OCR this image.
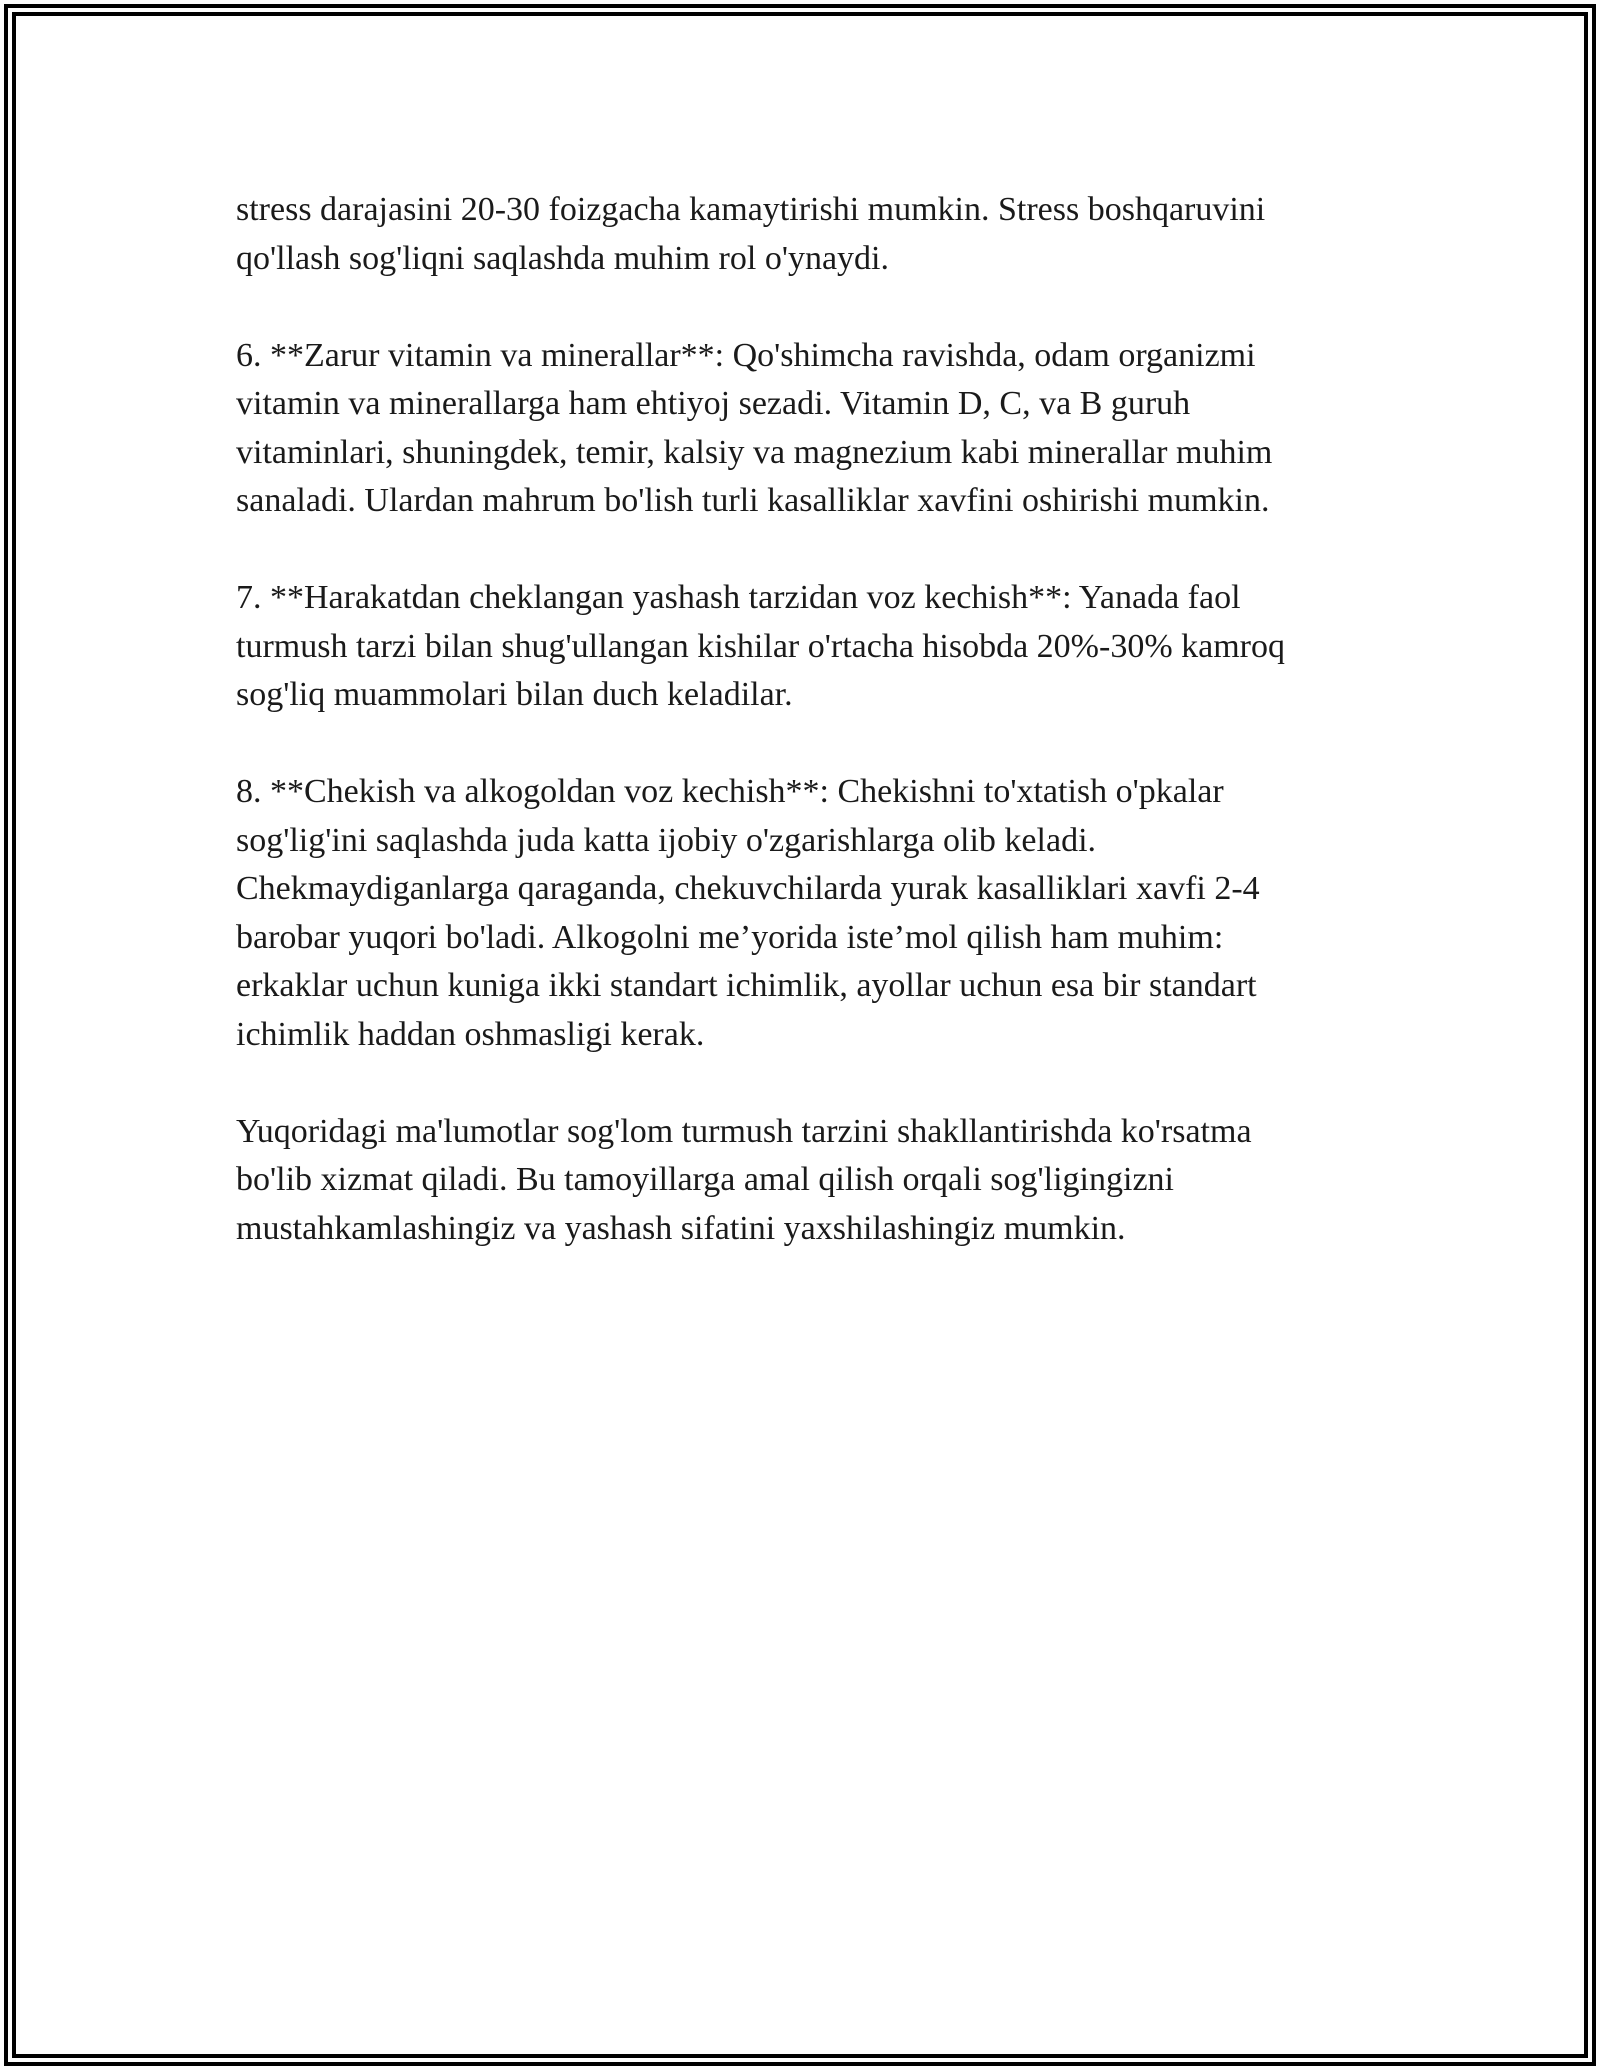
stress darajasini 20-30 foizgacha kamaytirishi mumkin. Stress boshqaruvini
qo'llash sog'liqni saqlashda muhim rol o'ynaydi.

6. **Zarur vitamin va minerallar**: Qo'shimcha ravishda, odam organizmi
vitamin va minerallarga ham ehtiyoj sezadi. Vitamin D, C, va B guruh
vitaminlari, shuningdek, temir, kalsiy va magnezium kabi minerallar muhim
sanaladi. Ulardan mahrum bo'lish turli kasalliklar xavfini oshirishi mumkin.

7. **Harakatdan cheklangan yashash tarzidan voz kechish**: Yanada faol
turmush tarzi bilan shug'ullangan kishilar o'rtacha hisobda 20%-30% kamroq
sog'liq muammolari bilan duch keladilar.

8. **Chekish va alkogoldan voz kechish**: Chekishni to'xtatish o'pkalar
sog'lig'ini saqlashda juda katta ijobiy o'zgarishlarga olib keladi.
Chekmaydiganlarga qaraganda, chekuvchilarda yurak kasalliklari xavfi 2-4
barobar yuqori bo'ladi. Alkogolni me’yorida iste’mol qilish ham muhim:
erkaklar uchun kuniga ikki standart ichimlik, ayollar uchun esa bir standart
ichimlik haddan oshmasligi kerak.

Yuqoridagi ma'lumotlar sog'lom turmush tarzini shakllantirishda ko'rsatma
bo'lib xizmat qiladi. Bu tamoyillarga amal qilish orqali sog'ligingizni
mustahkamlashingiz va yashash sifatini yaxshilashingiz mumkin.
